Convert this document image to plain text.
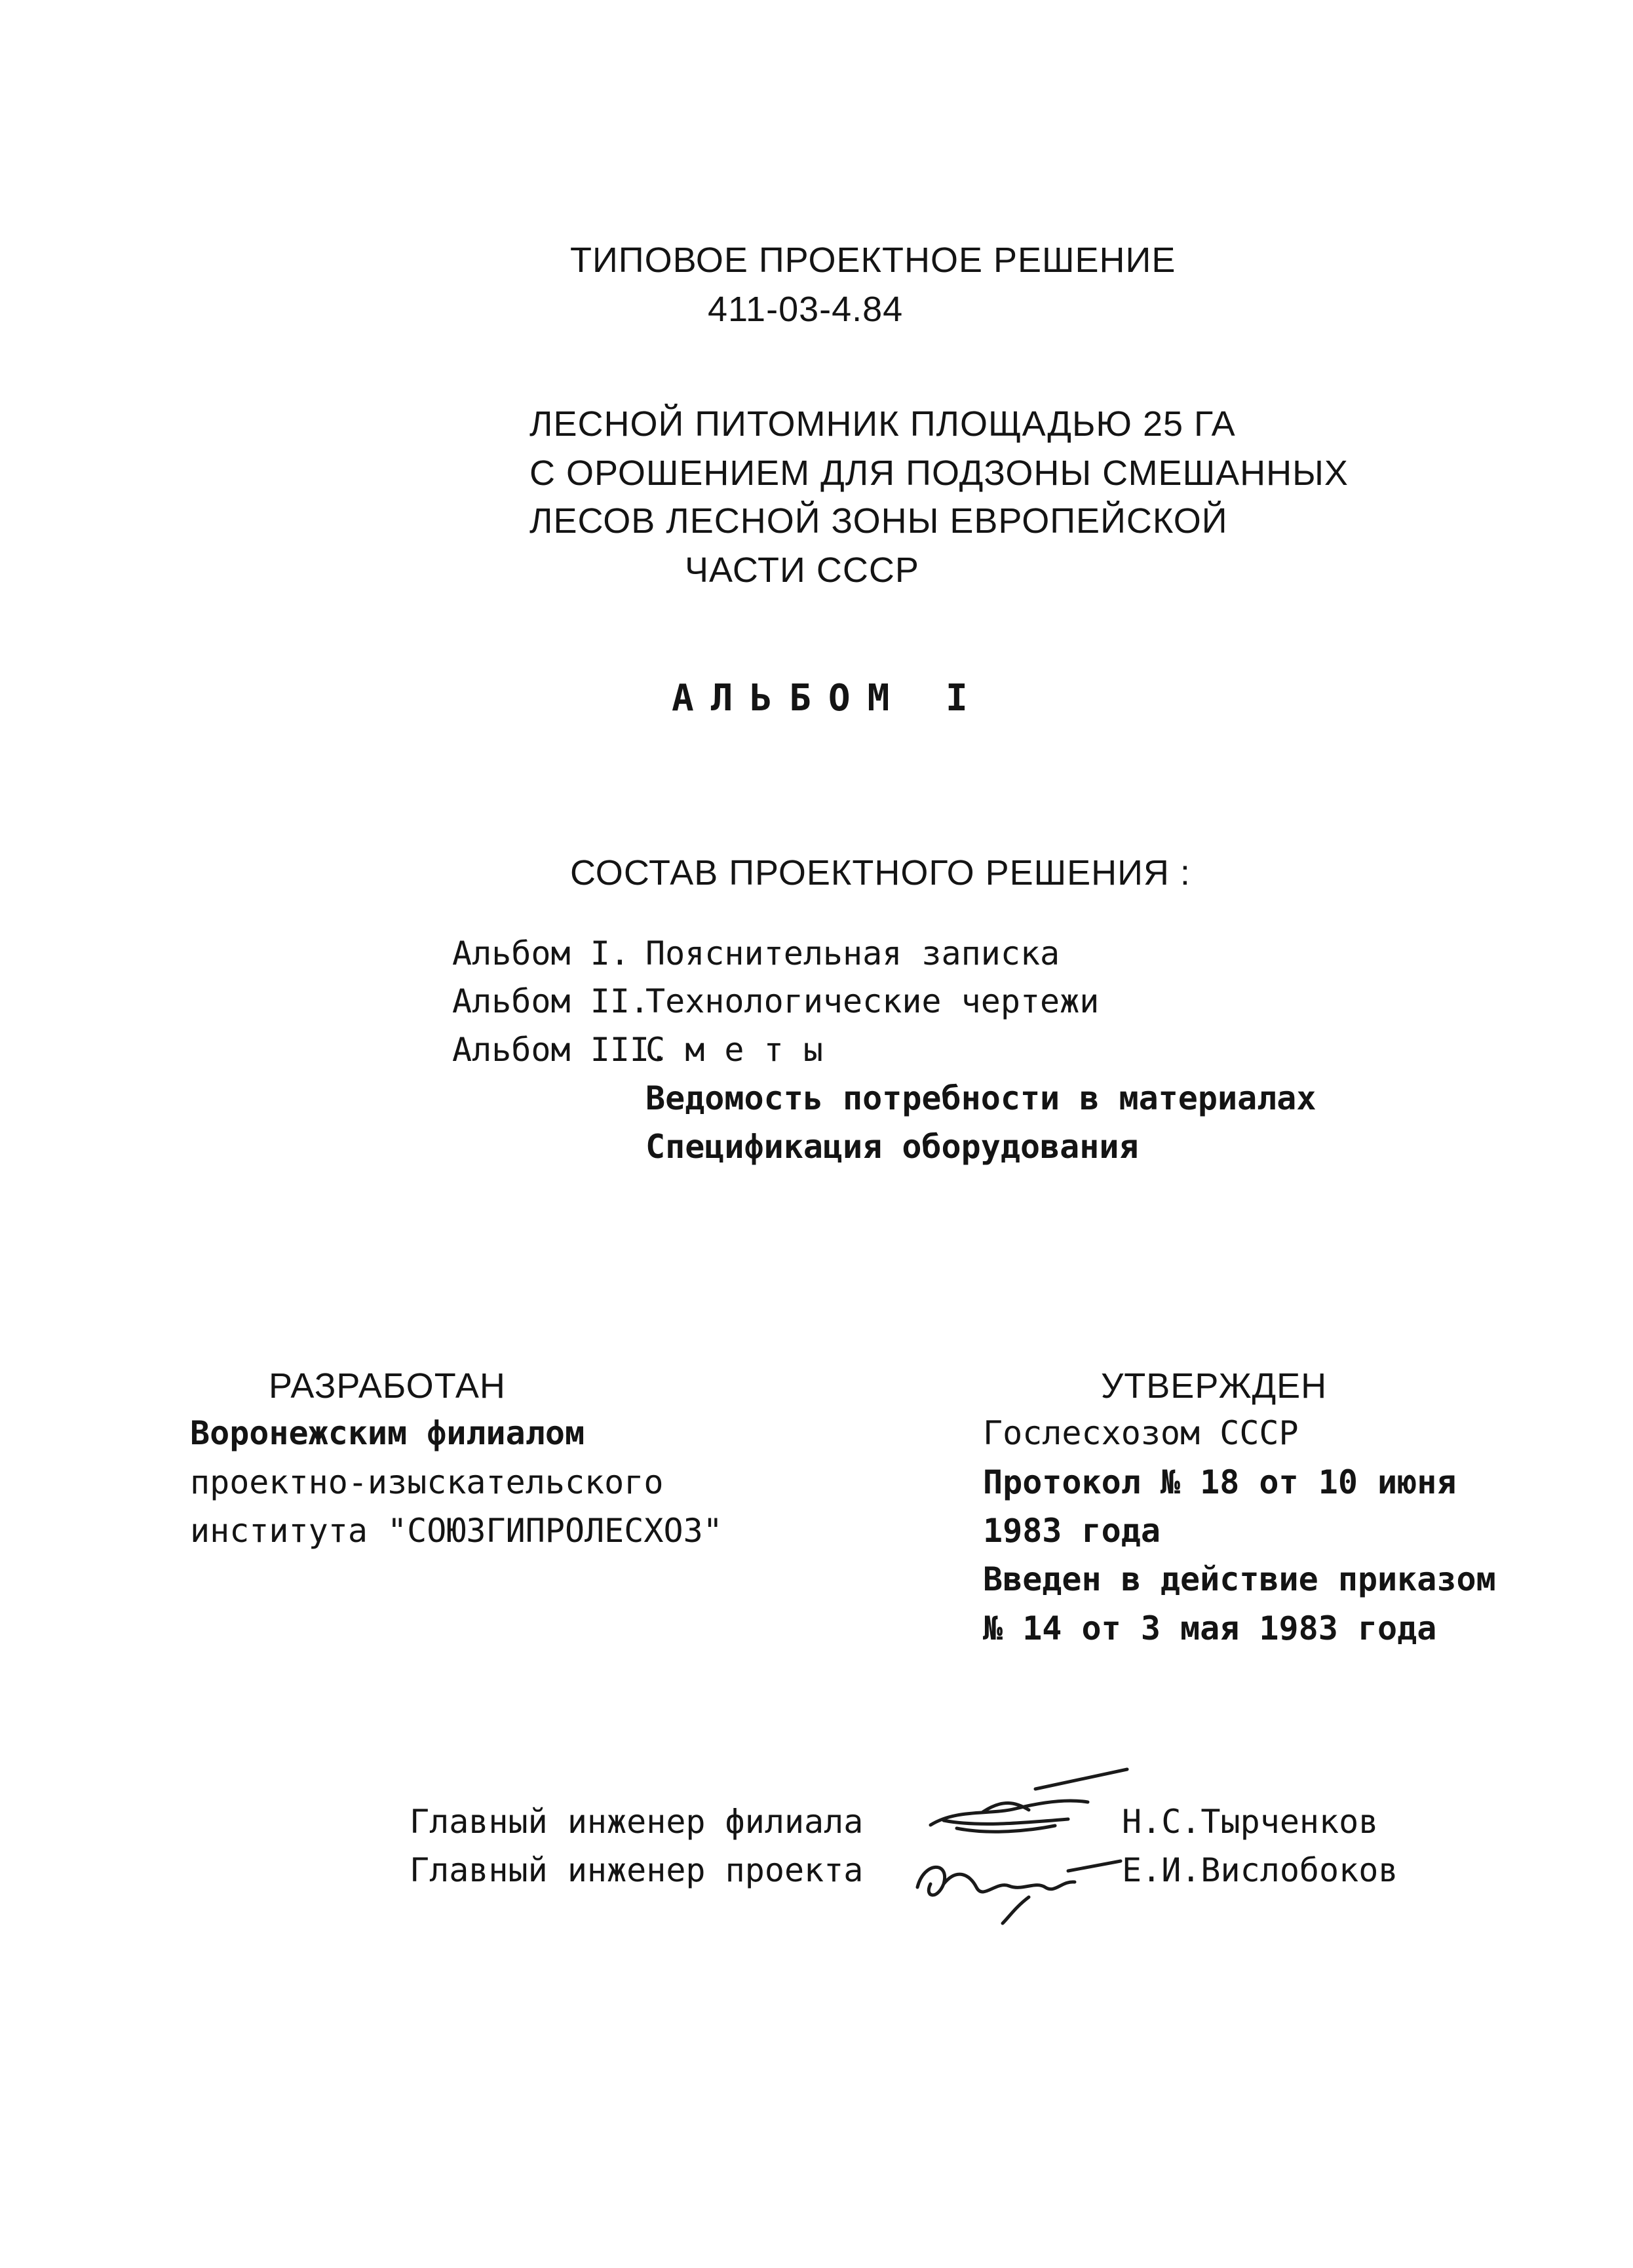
ТИПОВОЕ ПРОЕКТНОЕ РЕШЕНИЕ
411-03-4.84
ЛЕСНОЙ ПИТОМНИК ПЛОЩАДЬЮ 25 ГА
С ОРОШЕНИЕМ ДЛЯ ПОДЗОНЫ СМЕШАННЫХ
ЛЕСОВ ЛЕСНОЙ ЗОНЫ ЕВРОПЕЙСКОЙ
ЧАСТИ СССР
АЛЬБОМ I
СОСТАВ ПРОЕКТНОГО РЕШЕНИЯ :
Альбом I. Пояснительная записка
Альбом II.
Технологические чертежи
Альбом III.
С м е т ы
Ведомость потребности в материалах
Спецификация оборудования
РАЗРАБОТАН
Воронежским филиалом
проектно-изыскательского
института "СОЮЗГИПРОЛЕСХОЗ"
УТВЕРЖДЕН
Гослесхозом СССР
Протокол № 18 от 10 июня
1983 года
Введен в действие приказом
№ 14 от 3 мая 1983 года
Главный инженер филиала	Н.С.Тырченков
Главный инженер проекта	Е.И.Вислобоков
